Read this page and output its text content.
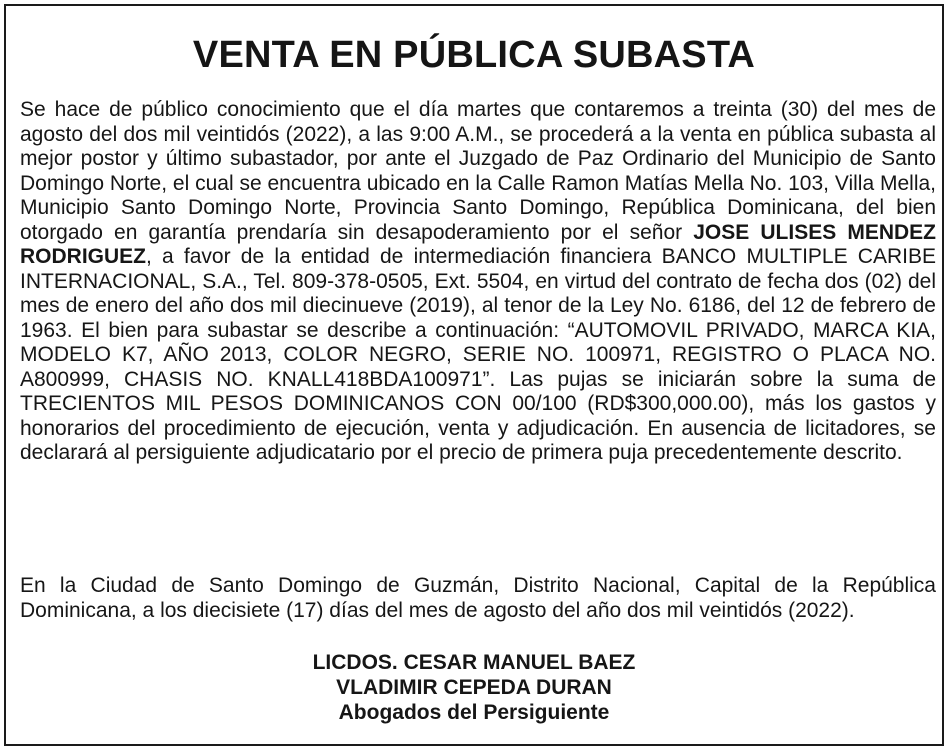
VENTA EN PÚBLICA SUBASTA

Se hace de público conocimiento que el día martes que contaremos a treinta (30) del mes de agosto del dos mil veintidós (2022), a las 9:00 A.M., se procederá a la venta en pública subasta al mejor postor y último subastador, por ante el Juzgado de Paz Ordinario del Municipio de Santo Domingo Norte, el cual se encuentra ubicado en la Calle Ramon Matías Mella No. 103, Villa Mella, Municipio Santo Domingo Norte, Provincia Santo Domingo, República Dominicana, del bien otorgado en garantía prendaría sin desapoderamiento por el señor JOSE ULISES MENDEZ RODRIGUEZ, a favor de la entidad de intermediación financiera BANCO MULTIPLE CARIBE INTERNACIONAL, S.A., Tel. 809-378-0505, Ext. 5504, en virtud del contrato de fecha dos (02) del mes de enero del año dos mil diecinueve (2019), al tenor de la Ley No. 6186, del 12 de febrero de 1963. El bien para subastar se describe a continuación: “AUTOMOVIL PRIVADO, MARCA KIA, MODELO K7, AÑO 2013, COLOR NEGRO, SERIE NO. 100971, REGISTRO O PLACA NO. A800999, CHASIS NO. KNALL418BDA100971”. Las pujas se iniciarán sobre la suma de TRECIENTOS MIL PESOS DOMINICANOS CON 00/100 (RD$300,000.00), más los gastos y honorarios del procedimiento de ejecución, venta y adjudicación. En ausencia de licitadores, se declarará al persiguiente adjudicatario por el precio de primera puja precedentemente descrito.

En la Ciudad de Santo Domingo de Guzmán, Distrito Nacional, Capital de la República Dominicana, a los diecisiete (17) días del mes de agosto del año dos mil veintidós (2022).

LICDOS. CESAR MANUEL BAEZ

VLADIMIR CEPEDA DURAN

Abogados del Persiguiente
